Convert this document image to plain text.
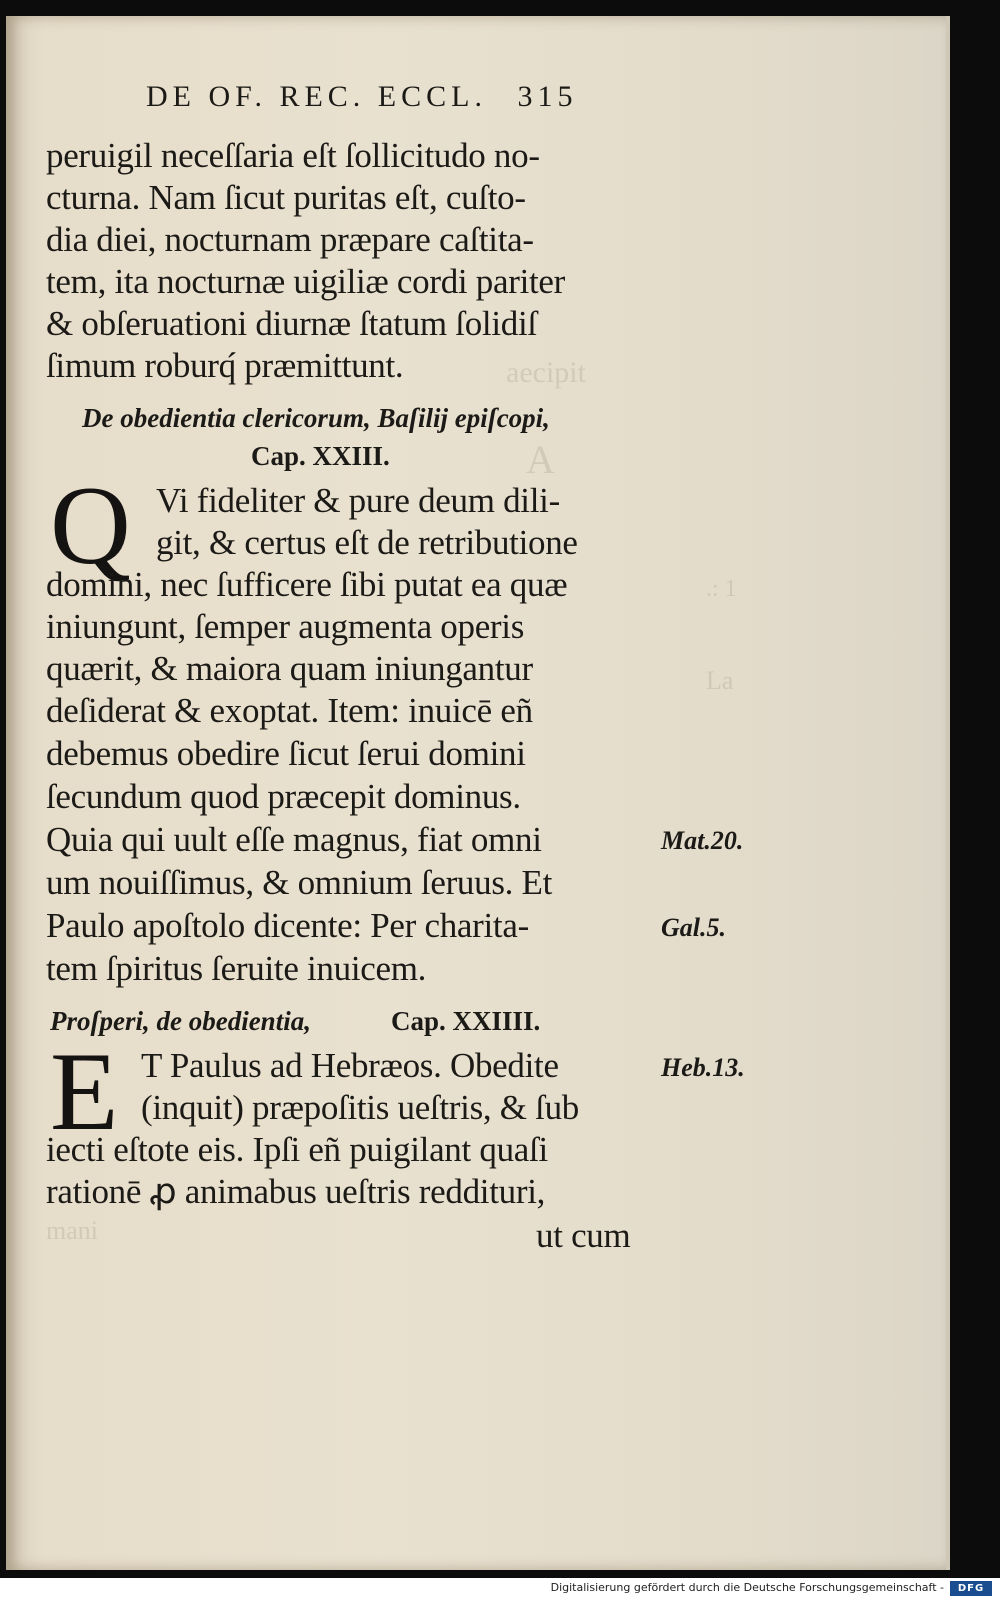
aecipit
A
.: 1
La
mani
DE OF. REC. ECCL. 315
peruigil neceſſaria eſt ſollicitudo no-
cturna. Nam ſicut puritas eſt, cuſto-
dia diei, nocturnam præpare caſtita-
tem, ita nocturnæ uigiliæ cordi pariter
& obſeruationi diurnæ ſtatum ſolidiſ
ſimum roburq́ præmittunt.
De obedientia clericorum, Baſilij epiſcopi,
Cap. XXIII.
Q Vi fideliter & pure deum dili-
git, & certus eſt de retributione
domini, nec ſufficere ſibi putat ea quæ
iniungunt, ſemper augmenta operis
quærit, & maiora quam iniungantur
deſiderat & exoptat. Item: inuicē eñ
debemus obedire ſicut ſerui domini
ſecundum quod præcepit dominus.
Quia qui uult eſſe magnus, fiat omni
um nouiſſimus, & omnium ſeruus. Et
Paulo apoſtolo dicente: Per charita-
tem ſpiritus ſeruite inuicem.
Mat.20.
Gal.5.
Proſperi, de obedientia,	Cap. XXIIII.
E T Paulus ad Hebræos. Obedite
(inquit) præpoſitis ueſtris, & ſub
iecti eſtote eis. Ipſi eñ puigilant quaſi
rationē ꝓ animabus ueſtris reddituri,
Heb.13.
ut cum
Digitalisierung gefördert durch die Deutsche Forschungsgemeinschaft -	DFG
